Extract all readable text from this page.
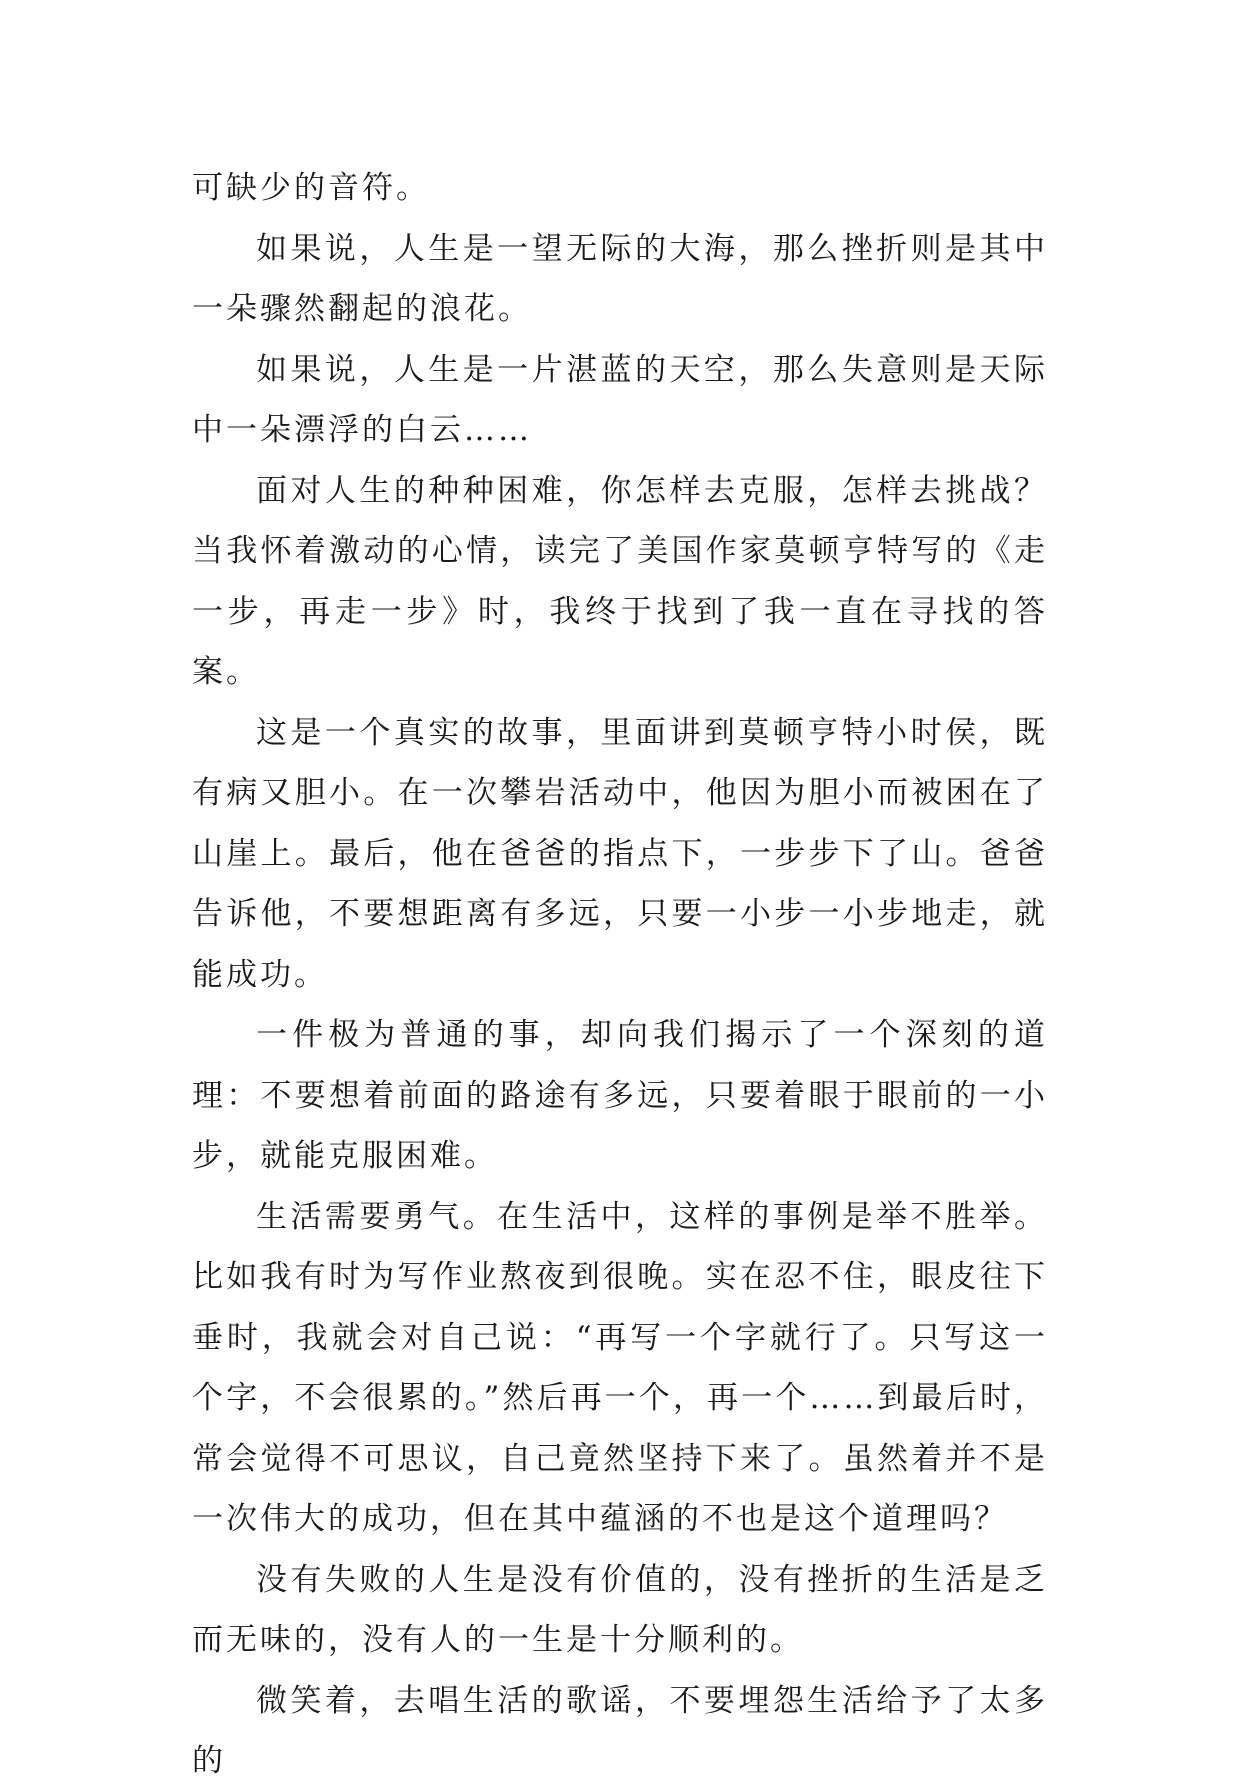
可缺少的音符。

如果说，人生是一望无际的大海，那么挫折则是其中一朵骤然翻起的浪花。

如果说，人生是一片湛蓝的天空，那么失意则是天际中一朵漂浮的白云……

面对人生的种种困难，你怎样去克服，怎样去挑战？当我怀着激动的心情，读完了美国作家莫顿亨特写的《走一步，再走一步》时，我终于找到了我一直在寻找的答案。

这是一个真实的故事，里面讲到莫顿亨特小时侯，既有病又胆小。在一次攀岩活动中，他因为胆小而被困在了山崖上。最后，他在爸爸的指点下，一步步下了山。爸爸告诉他，不要想距离有多远，只要一小步一小步地走，就能成功。

一件极为普通的事，却向我们揭示了一个深刻的道理：不要想着前面的路途有多远，只要着眼于眼前的一小步，就能克服困难。

生活需要勇气。在生活中，这样的事例是举不胜举。比如我有时为写作业熬夜到很晚。实在忍不住，眼皮往下垂时，我就会对自己说：“再写一个字就行了。只写这一个字，不会很累的。”然后再一个，再一个……到最后时，常会觉得不可思议，自己竟然坚持下来了。虽然着并不是一次伟大的成功，但在其中蕴涵的不也是这个道理吗？

没有失败的人生是没有价值的，没有挫折的生活是乏而无味的，没有人的一生是十分顺利的。

微笑着，去唱生活的歌谣，不要埋怨生活给予了太多的
